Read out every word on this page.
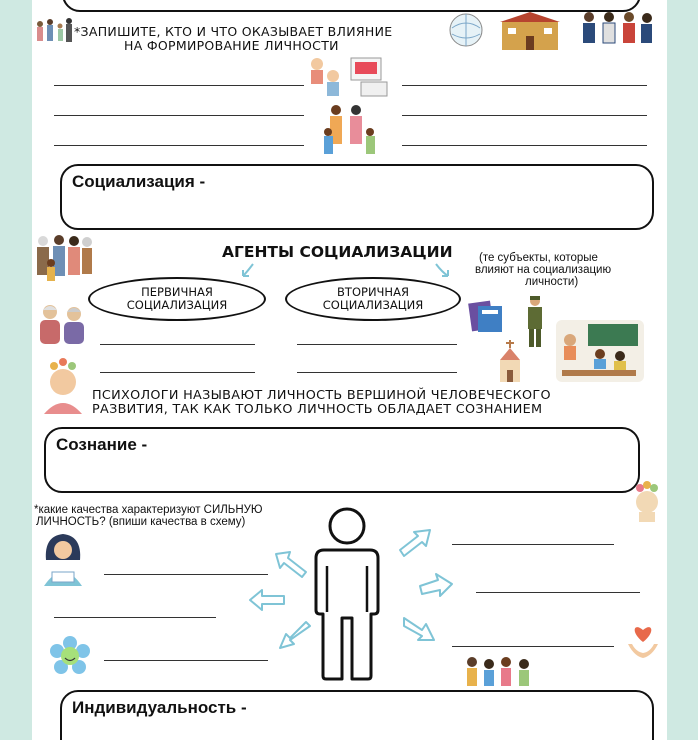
*ЗАПИШИТЕ, КТО И ЧТО ОКАЗЫВАЕТ ВЛИЯНИЕ
НА ФОРМИРОВАНИЕ ЛИЧНОСТИ
Социализация -
АГЕНТЫ СОЦИАЛИЗАЦИИ	(те субъекты, которые
влияют на социализацию
личности)
ПЕРВИЧНАЯ
СОЦИАЛИЗАЦИЯ
ВТОРИЧНАЯ
СОЦИАЛИЗАЦИЯ
ПСИХОЛОГИ НАЗЫВАЮТ ЛИЧНОСТЬ ВЕРШИНОЙ ЧЕЛОВЕЧЕСКОГО
РАЗВИТИЯ, ТАК КАК ТОЛЬКО ЛИЧНОСТЬ ОБЛАДАЕТ СОЗНАНИЕМ
Сознание -
*какие качества характеризуют СИЛЬНУЮ
ЛИЧНОСТЬ? (впиши качества в схему)
Индивидуальность -
